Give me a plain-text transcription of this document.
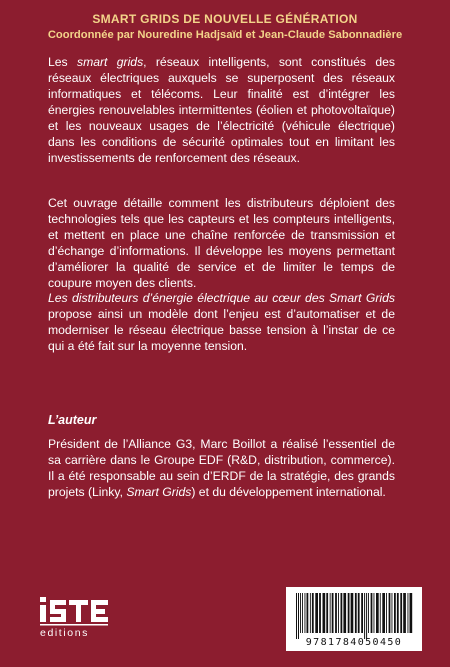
SMART GRIDS DE NOUVELLE GÉNÉRATION
Coordonnée par Nouredine Hadjsaïd et Jean-Claude Sabonnadière
Les smart grids, réseaux intelligents, sont constitués des réseaux électriques auxquels se superposent des réseaux informatiques et télécoms. Leur finalité est d’intégrer les énergies renouvelables intermittentes (éolien et photovoltaïque) et les nouveaux usages de l’électricité (véhicule électrique) dans les conditions de sécurité optimales tout en limitant les investissements de renforcement des réseaux.
Cet ouvrage détaille comment les distributeurs déploient des technologies tels que les capteurs et les compteurs intelligents, et mettent en place une chaîne renforcée de transmission et d’échange d’informations. Il développe les moyens permettant d’améliorer la qualité de service et de limiter le temps de coupure moyen des clients.
Les distributeurs d’énergie électrique au cœur des Smart Grids propose ainsi un modèle dont l’enjeu est d’automatiser et de moderniser le réseau électrique basse tension à l’instar de ce qui a été fait sur la moyenne tension.
L’auteur
Président de l’Alliance G3, Marc Boillot a réalisé l’essentiel de sa carrière dans le Groupe EDF (R&D, distribution, commerce). Il a été responsable au sein d’ERDF de la stratégie, des grands projets (Linky, Smart Grids) et du développement international.
editions
9781784050450
